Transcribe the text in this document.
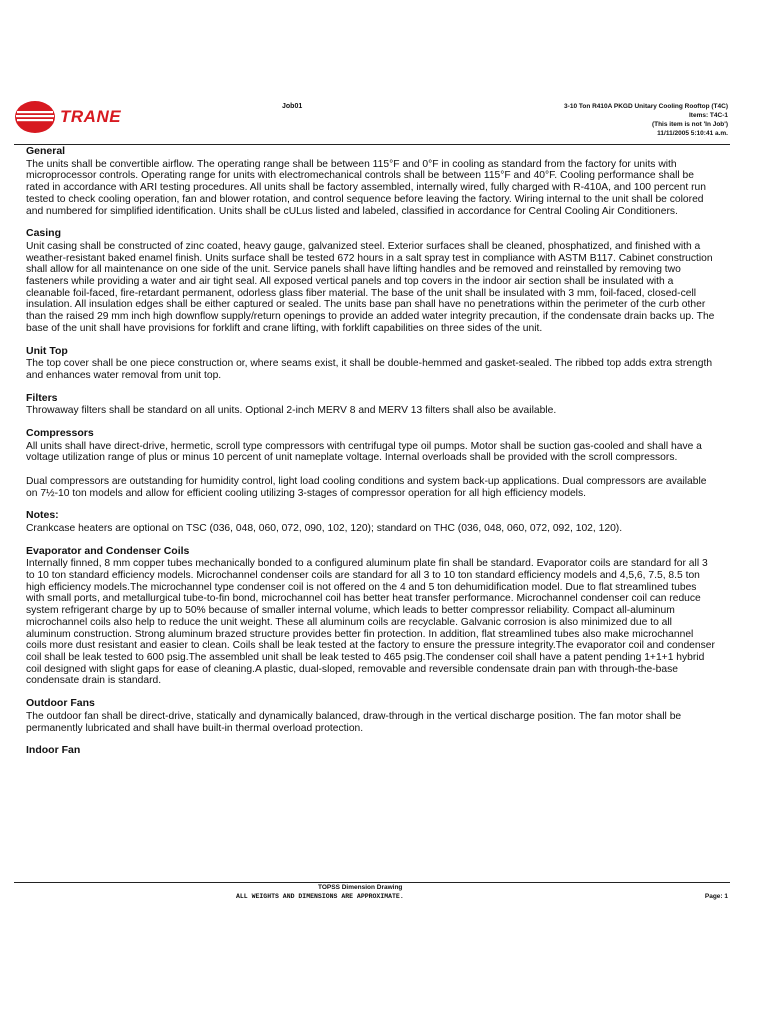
TRANE
Job01	3-10 Ton R410A PKGD Unitary Cooling Rooftop (T4C)
Items: T4C-1
(This item is not 'In Job')
11/11/2005 5:10:41 a.m.
General

The units shall be convertible airflow. The operating range shall be between 115°F and 0°F in cooling as standard from the factory for units with microprocessor controls. Operating range for units with electromechanical controls shall be between 115°F and 40°F. Cooling performance shall be rated in accordance with ARI testing procedures. All units shall be factory assembled, internally wired, fully charged with R-410A, and 100 percent run tested to check cooling operation, fan and blower rotation, and control sequence before leaving the factory. Wiring internal to the unit shall be colored and numbered for simplified identification. Units shall be cULus listed and labeled, classified in accordance for Central Cooling Air Conditioners.

Casing

Unit casing shall be constructed of zinc coated, heavy gauge, galvanized steel. Exterior surfaces shall be cleaned, phosphatized, and finished with a weather-resistant baked enamel finish. Units surface shall be tested 672 hours in a salt spray test in compliance with ASTM B117. Cabinet construction shall allow for all maintenance on one side of the unit. Service panels shall have lifting handles and be removed and reinstalled by removing two fasteners while providing a water and air tight seal. All exposed vertical panels and top covers in the indoor air section shall be insulated with a cleanable foil-faced, fire-retardant permanent, odorless glass fiber material. The base of the unit shall be insulated with 3 mm, foil-faced, closed-cell insulation. All insulation edges shall be either captured or sealed. The units base pan shall have no penetrations within the perimeter of the curb other than the raised 29 mm inch high downflow supply/return openings to provide an added water integrity precaution, if the condensate drain backs up. The base of the unit shall have provisions for forklift and crane lifting, with forklift capabilities on three sides of the unit.

Unit Top

The top cover shall be one piece construction or, where seams exist, it shall be double-hemmed and gasket-sealed. The ribbed top adds extra strength and enhances water removal from unit top.

Filters

Throwaway filters shall be standard on all units. Optional 2-inch MERV 8 and MERV 13 filters shall also be available.

Compressors

All units shall have direct-drive, hermetic, scroll type compressors with centrifugal type oil pumps. Motor shall be suction gas-cooled and shall have a voltage utilization range of plus or minus 10 percent of unit nameplate voltage. Internal overloads shall be provided with the scroll compressors.

Dual compressors are outstanding for humidity control, light load cooling conditions and system back-up applications. Dual compressors are available on 7½-10 ton models and allow for efficient cooling utilizing 3-stages of compressor operation for all high efficiency models.

Notes:

Crankcase heaters are optional on TSC (036, 048, 060, 072, 090, 102, 120); standard on THC (036, 048, 060, 072, 092, 102, 120).

Evaporator and Condenser Coils

Internally finned, 8 mm copper tubes mechanically bonded to a configured aluminum plate fin shall be standard. Evaporator coils are standard for all 3 to 10 ton standard efficiency models. Microchannel condenser coils are standard for all 3 to 10 ton standard efficiency models and 4,5,6, 7.5, 8.5 ton high efficiency models.The microchannel type condenser coil is not offered on the 4 and 5 ton dehumidification model. Due to flat streamlined tubes with small ports, and metallurgical tube-to-fin bond, microchannel coil has better heat transfer performance. Microchannel condenser coil can reduce system refrigerant charge by up to 50% because of smaller internal volume, which leads to better compressor reliability. Compact all-aluminum microchannel coils also help to reduce the unit weight. These all aluminum coils are recyclable. Galvanic corrosion is also minimized due to all aluminum construction. Strong aluminum brazed structure provides better fin protection. In addition, flat streamlined tubes also make microchannel coils more dust resistant and easier to clean. Coils shall be leak tested at the factory to ensure the pressure integrity.The evaporator coil and condenser coil shall be leak tested to 600 psig.The assembled unit shall be leak tested to 465 psig.The condenser coil shall have a patent pending 1+1+1 hybrid coil designed with slight gaps for ease of cleaning.A plastic, dual-sloped, removable and reversible condensate drain pan with through-the-base condensate drain is standard.

Outdoor Fans

The outdoor fan shall be direct-drive, statically and dynamically balanced, draw-through in the vertical discharge position. The fan motor shall be permanently lubricated and shall have built-in thermal overload protection.

Indoor Fan
TOPSS Dimension Drawing
ALL WEIGHTS AND DIMENSIONS ARE APPROXIMATE.	Page: 1
